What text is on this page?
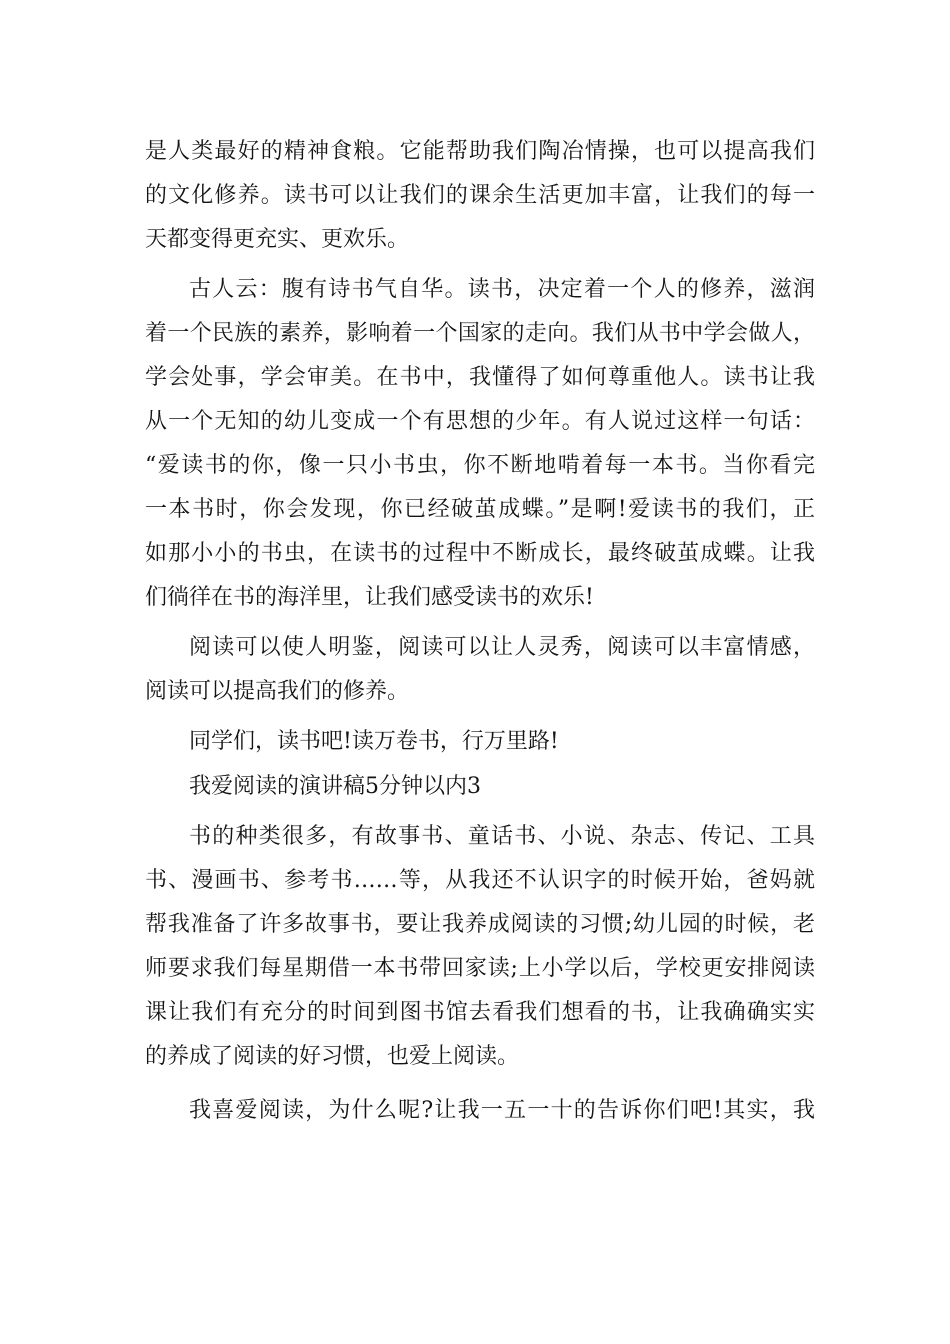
是人类最好的精神食粮。它能帮助我们陶冶情操，也可以提高我们
的文化修养。读书可以让我们的课余生活更加丰富，让我们的每一
天都变得更充实、更欢乐。
古人云：腹有诗书气自华。读书，决定着一个人的修养，滋润
着一个民族的素养，影响着一个国家的走向。我们从书中学会做人，
学会处事，学会审美。在书中，我懂得了如何尊重他人。读书让我
从一个无知的幼儿变成一个有思想的少年。有人说过这样一句话：
“爱读书的你，像一只小书虫，你不断地啃着每一本书。当你看完
一本书时，你会发现，你已经破茧成蝶。”是啊!爱读书的我们，正
如那小小的书虫，在读书的过程中不断成长，最终破茧成蝶。让我
们徜徉在书的海洋里，让我们感受读书的欢乐!
阅读可以使人明鉴，阅读可以让人灵秀，阅读可以丰富情感，
阅读可以提高我们的修养。
同学们，读书吧!读万卷书，行万里路!
我爱阅读的演讲稿5分钟以内3
书的种类很多，有故事书、童话书、小说、杂志、传记、工具
书、漫画书、参考书……等，从我还不认识字的时候开始，爸妈就
帮我准备了许多故事书，要让我养成阅读的习惯;幼儿园的时候，老
师要求我们每星期借一本书带回家读;上小学以后，学校更安排阅读
课让我们有充分的时间到图书馆去看我们想看的书，让我确确实实
的养成了阅读的好习惯，也爱上阅读。
我喜爱阅读，为什么呢?让我一五一十的告诉你们吧!其实，我
